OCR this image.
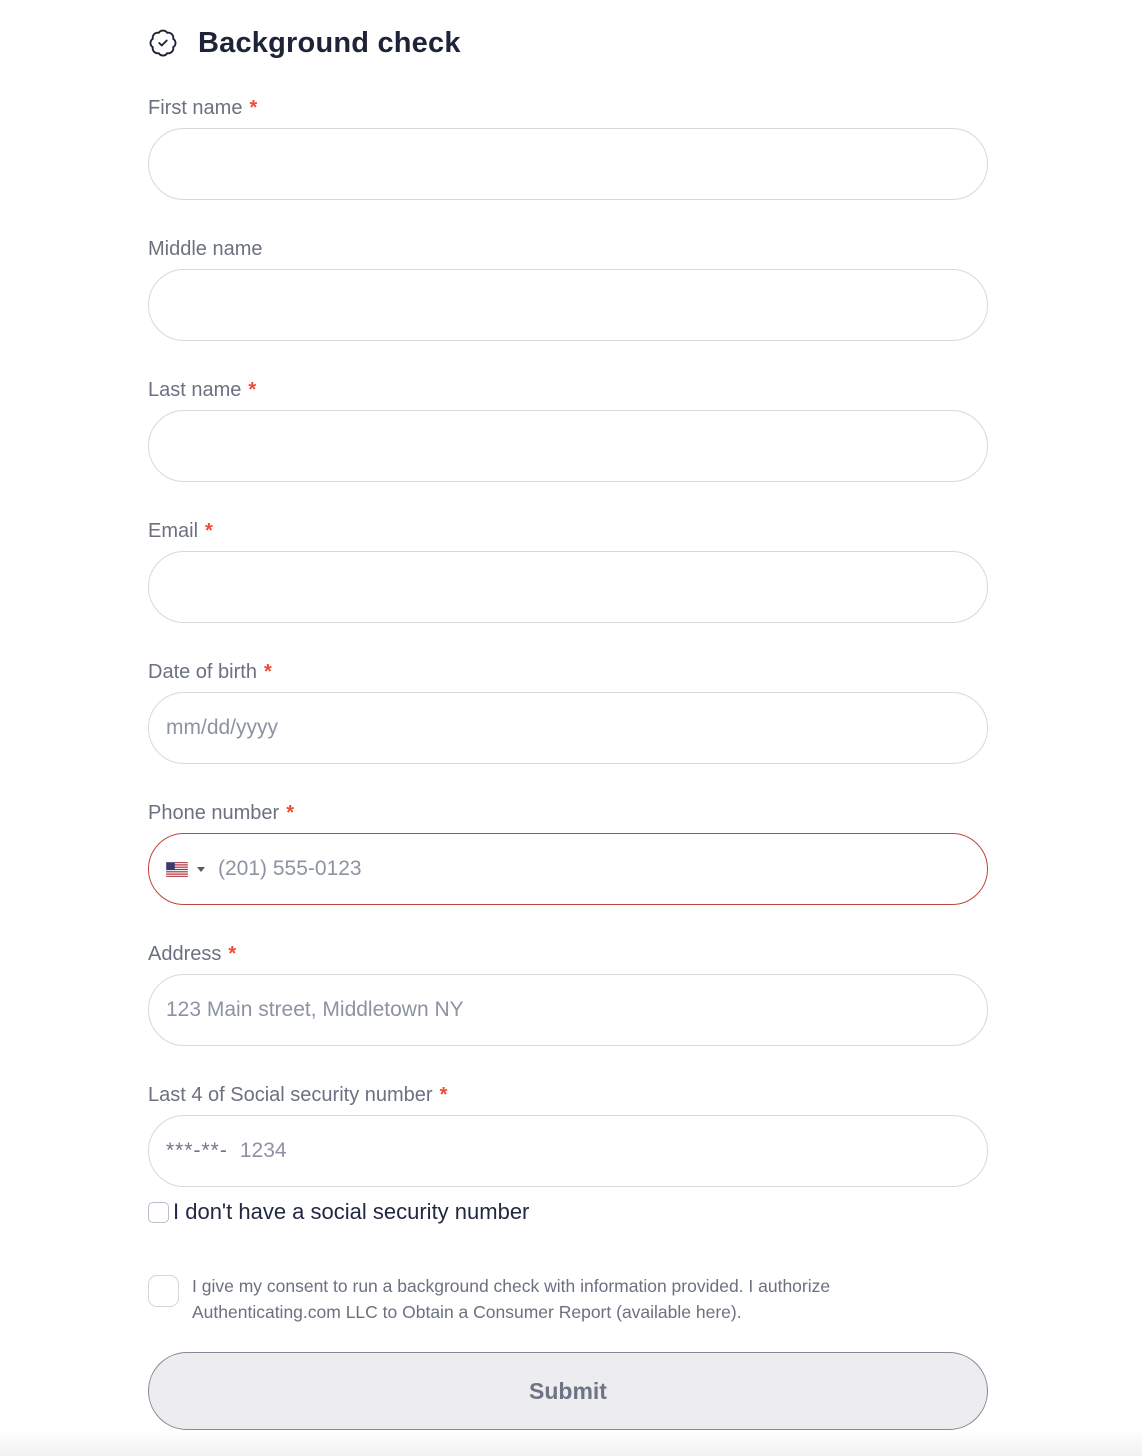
Background check
First name *
Middle name
Last name *
Email *
Date of birth *
mm/dd/yyyy
Phone number *
(201) 555-0123
Address *
123 Main street, Middletown NY
Last 4 of Social security number *
***-**-
1234
I don't have a social security number

I give my consent to run a background check with information provided. I authorize
Authenticating.com LLC to Obtain a Consumer Report (available here).

Submit
